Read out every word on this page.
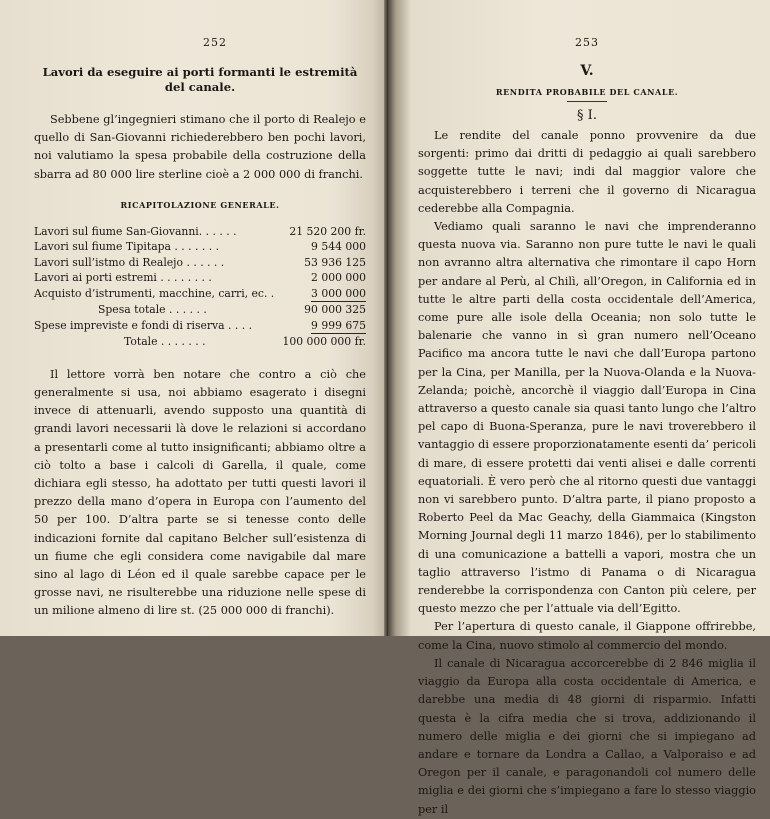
252
Lavori da eseguire ai porti formanti le estremità del canale.

Sebbene gl’ingegnieri stimano che il porto di Realejo e quello di San-Giovanni richiederebbero ben pochi lavori, noi valutiamo la spesa probabile della costruzione della sbarra ad 80 000 lire sterline cioè a 2 000 000 di franchi.

RICAPITOLAZIONE GENERALE.
Lavori sul fiume San-Giovanni. . . . . .	21 520 200 fr.
Lavori sul fiume Tipitapa . . . . . . .	9 544 000
Lavori sull’istmo di Realejo . . . . . .	53 936 125
Lavori ai porti estremi . . . . . . . .	2 000 000
Acquisto d’istrumenti, macchine, carri, ec. .	3 000 000
Spesa totale . . . . . .	90 000 325
Spese impreviste e fondi di riserva . . . .	9 999 675
Totale . . . . . . .	100 000 000 fr.

Il lettore vorrà ben notare che contro a ciò che generalmente si usa, noi abbiamo esagerato i disegni invece di attenuarli, avendo supposto una quantità di grandi lavori necessarii là dove le relazioni si accordano a presentarli come al tutto insignificanti; abbiamo oltre a ciò tolto a base i calcoli di Garella, il quale, come dichiara egli stesso, ha adottato per tutti questi lavori il prezzo della mano d’opera in Europa con l’aumento del 50 per 100. D’altra parte se si tenesse conto delle indicazioni fornite dal capitano Belcher sull’esistenza di un fiume che egli considera come navigabile dal mare sino al lago di Léon ed il quale sarebbe capace per le grosse navi, ne risulterebbe una riduzione nelle spese di un milione almeno di lire st. (25 000 000 di franchi).

253
V.
RENDITA PROBABILE DEL CANALE.
§ I.

Le rendite del canale ponno provvenire da due sorgenti: primo dai dritti di pedaggio ai quali sarebbero soggette tutte le navi; indi dal maggior valore che acquisterebbero i terreni che il governo di Nicaragua cederebbe alla Compagnia.

Vediamo quali saranno le navi che imprenderanno questa nuova via. Saranno non pure tutte le navi le quali non avranno altra alternativa che rimontare il capo Horn per andare al Perù, al Chilì, all’Oregon, in California ed in tutte le altre parti della costa occidentale dell’America, come pure alle isole della Oceania; non solo tutte le balenarie che vanno in sì gran numero nell’Oceano Pacifico ma ancora tutte le navi che dall’Europa partono per la Cina, per Manilla, per la Nuova-Olanda e la Nuova-Zelanda; poichè, ancorchè il viaggio dall’Europa in Cina attraverso a questo canale sia quasi tanto lungo che l’altro pel capo di Buona-Speranza, pure le navi troverebbero il vantaggio di essere proporzionatamente esenti da’ pericoli di mare, di essere protetti dai venti alisei e dalle correnti equatoriali. È vero però che al ritorno questi due vantaggi non vi sarebbero punto. D’altra parte, il piano proposto a Roberto Peel da Mac Geachy, della Giammaica (Kingston Morning Journal degli 11 marzo 1846), per lo stabilimento di una comunicazione a battelli a vapori, mostra che un taglio attraverso l’istmo di Panama o di Nicaragua renderebbe la corrispondenza con Canton più celere, per questo mezzo che per l’attuale via dell’Egitto.

Per l’apertura di questo canale, il Giappone offrirebbe, come la Cina, nuovo stimolo al commercio del mondo.

Il canale di Nicaragua accorcerebbe di 2 846 miglia il viaggio da Europa alla costa occidentale di America, e darebbe una media di 48 giorni di risparmio. Infatti questa è la cifra media che si trova, addizionando il numero delle miglia e dei giorni che si impiegano ad andare e tornare da Londra a Callao, a Valporaiso e ad Oregon per il canale, e paragonandoli col numero delle miglia e dei giorni che s’impiegano a fare lo stesso viaggio per il
